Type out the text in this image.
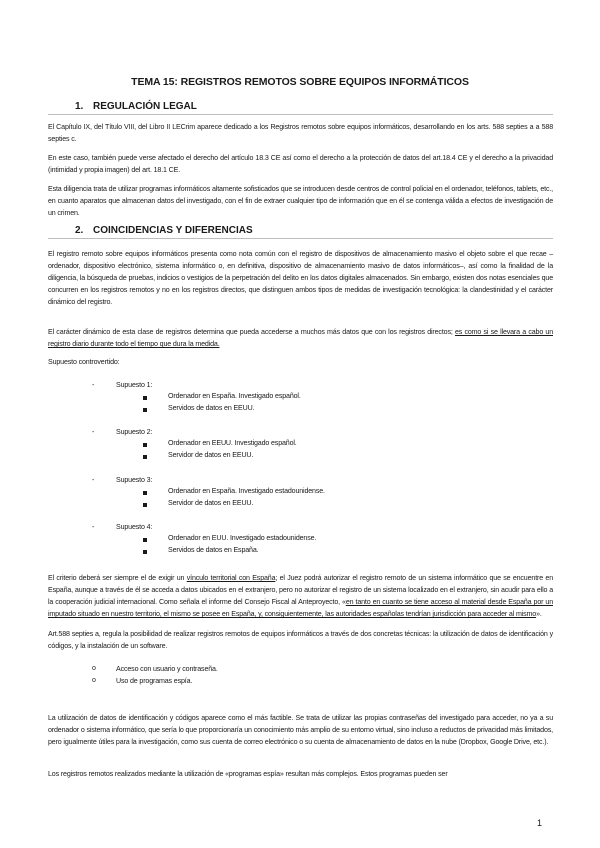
TEMA 15: REGISTROS REMOTOS SOBRE EQUIPOS INFORMÁTICOS
1. REGULACIÓN LEGAL
El Capítulo IX, del Título VIII, del Libro II LECrim aparece dedicado a los Registros remotos sobre equipos informáticos, desarrollando en los arts. 588 septies a a 588 septies c.
En este caso, también puede verse afectado el derecho del artículo 18.3 CE así como el derecho a la protección de datos del art.18.4 CE y el derecho a la privacidad (intimidad y propia imagen) del art. 18.1 CE.
Esta diligencia trata de utilizar programas informáticos altamente sofisticados que se introducen desde centros de control policial en el ordenador, teléfonos, tablets, etc., en cuanto aparatos que almacenan datos del investigado, con el fin de extraer cualquier tipo de información que en él se contenga válida a efectos de investigación de un crimen.
2. COINCIDENCIAS Y DIFERENCIAS
El registro remoto sobre equipos informáticos presenta como nota común con el registro de dispositivos de almacenamiento masivo el objeto sobre el que recae –ordenador, dispositivo electrónico, sistema informático o, en definitiva, dispositivo de almacenamiento masivo de datos informáticos–, así como la finalidad de la diligencia, la búsqueda de pruebas, indicios o vestigios de la perpetración del delito en los datos digitales almacenados. Sin embargo, existen dos notas esenciales que concurren en los registros remotos y no en los registros directos, que distinguen ambos tipos de medidas de investigación tecnológica: la clandestinidad y el carácter dinámico del registro.
El carácter dinámico de esta clase de registros determina que pueda accederse a muchos más datos que con los registros directos; es como si se llevara a cabo un registro diario durante todo el tiempo que dura la medida.
Supuesto controvertido:
-	Supuesto 1:
Ordenador en España. Investigado español.
Servidos de datos en EEUU.
-	Supuesto 2:
Ordenador en EEUU. Investigado español.
Servidor de datos en EEUU.
-	Supuesto 3:
Ordenador en España. Investigado estadounidense.
Servidor de datos en EEUU.
-	Supuesto 4:
Ordenador en EUU. Investigado estadounidense.
Servidos de datos en España.
El criterio deberá ser siempre el de exigir un vínculo territorial con España; el Juez podrá autorizar el registro remoto de un sistema informático que se encuentre en España, aunque a través de él se acceda a datos ubicados en el extranjero, pero no autorizar el registro de un sistema localizado en el extranjero, sin acudir para ello a la cooperación judicial internacional. Como señala el informe del Consejo Fiscal al Anteproyecto, «en tanto en cuanto se tiene acceso al material desde España por un imputado situado en nuestro territorio, el mismo se posee en España, y, consiguientemente, las autoridades españolas tendrían jurisdicción para acceder al mismo».
Art.588 septies a, regula la posibilidad de realizar registros remotos de equipos informáticos a través de dos concretas técnicas: la utilización de datos de identificación y códigos, y la instalación de un software.
o	Acceso con usuario y contraseña.
o	Uso de programas espía.
La utilización de datos de identificación y códigos aparece como el más factible. Se trata de utilizar las propias contraseñas del investigado para acceder, no ya a su ordenador o sistema informático, que sería lo que proporcionaría un conocimiento más amplio de su entorno virtual, sino incluso a reductos de privacidad más limitados, pero igualmente útiles para la investigación, como sus cuenta de correo electrónico o su cuenta de almacenamiento de datos en la nube (Dropbox, Google Drive, etc.).
Los registros remotos realizados mediante la utilización de «programas espía» resultan más complejos. Estos programas pueden ser
1
